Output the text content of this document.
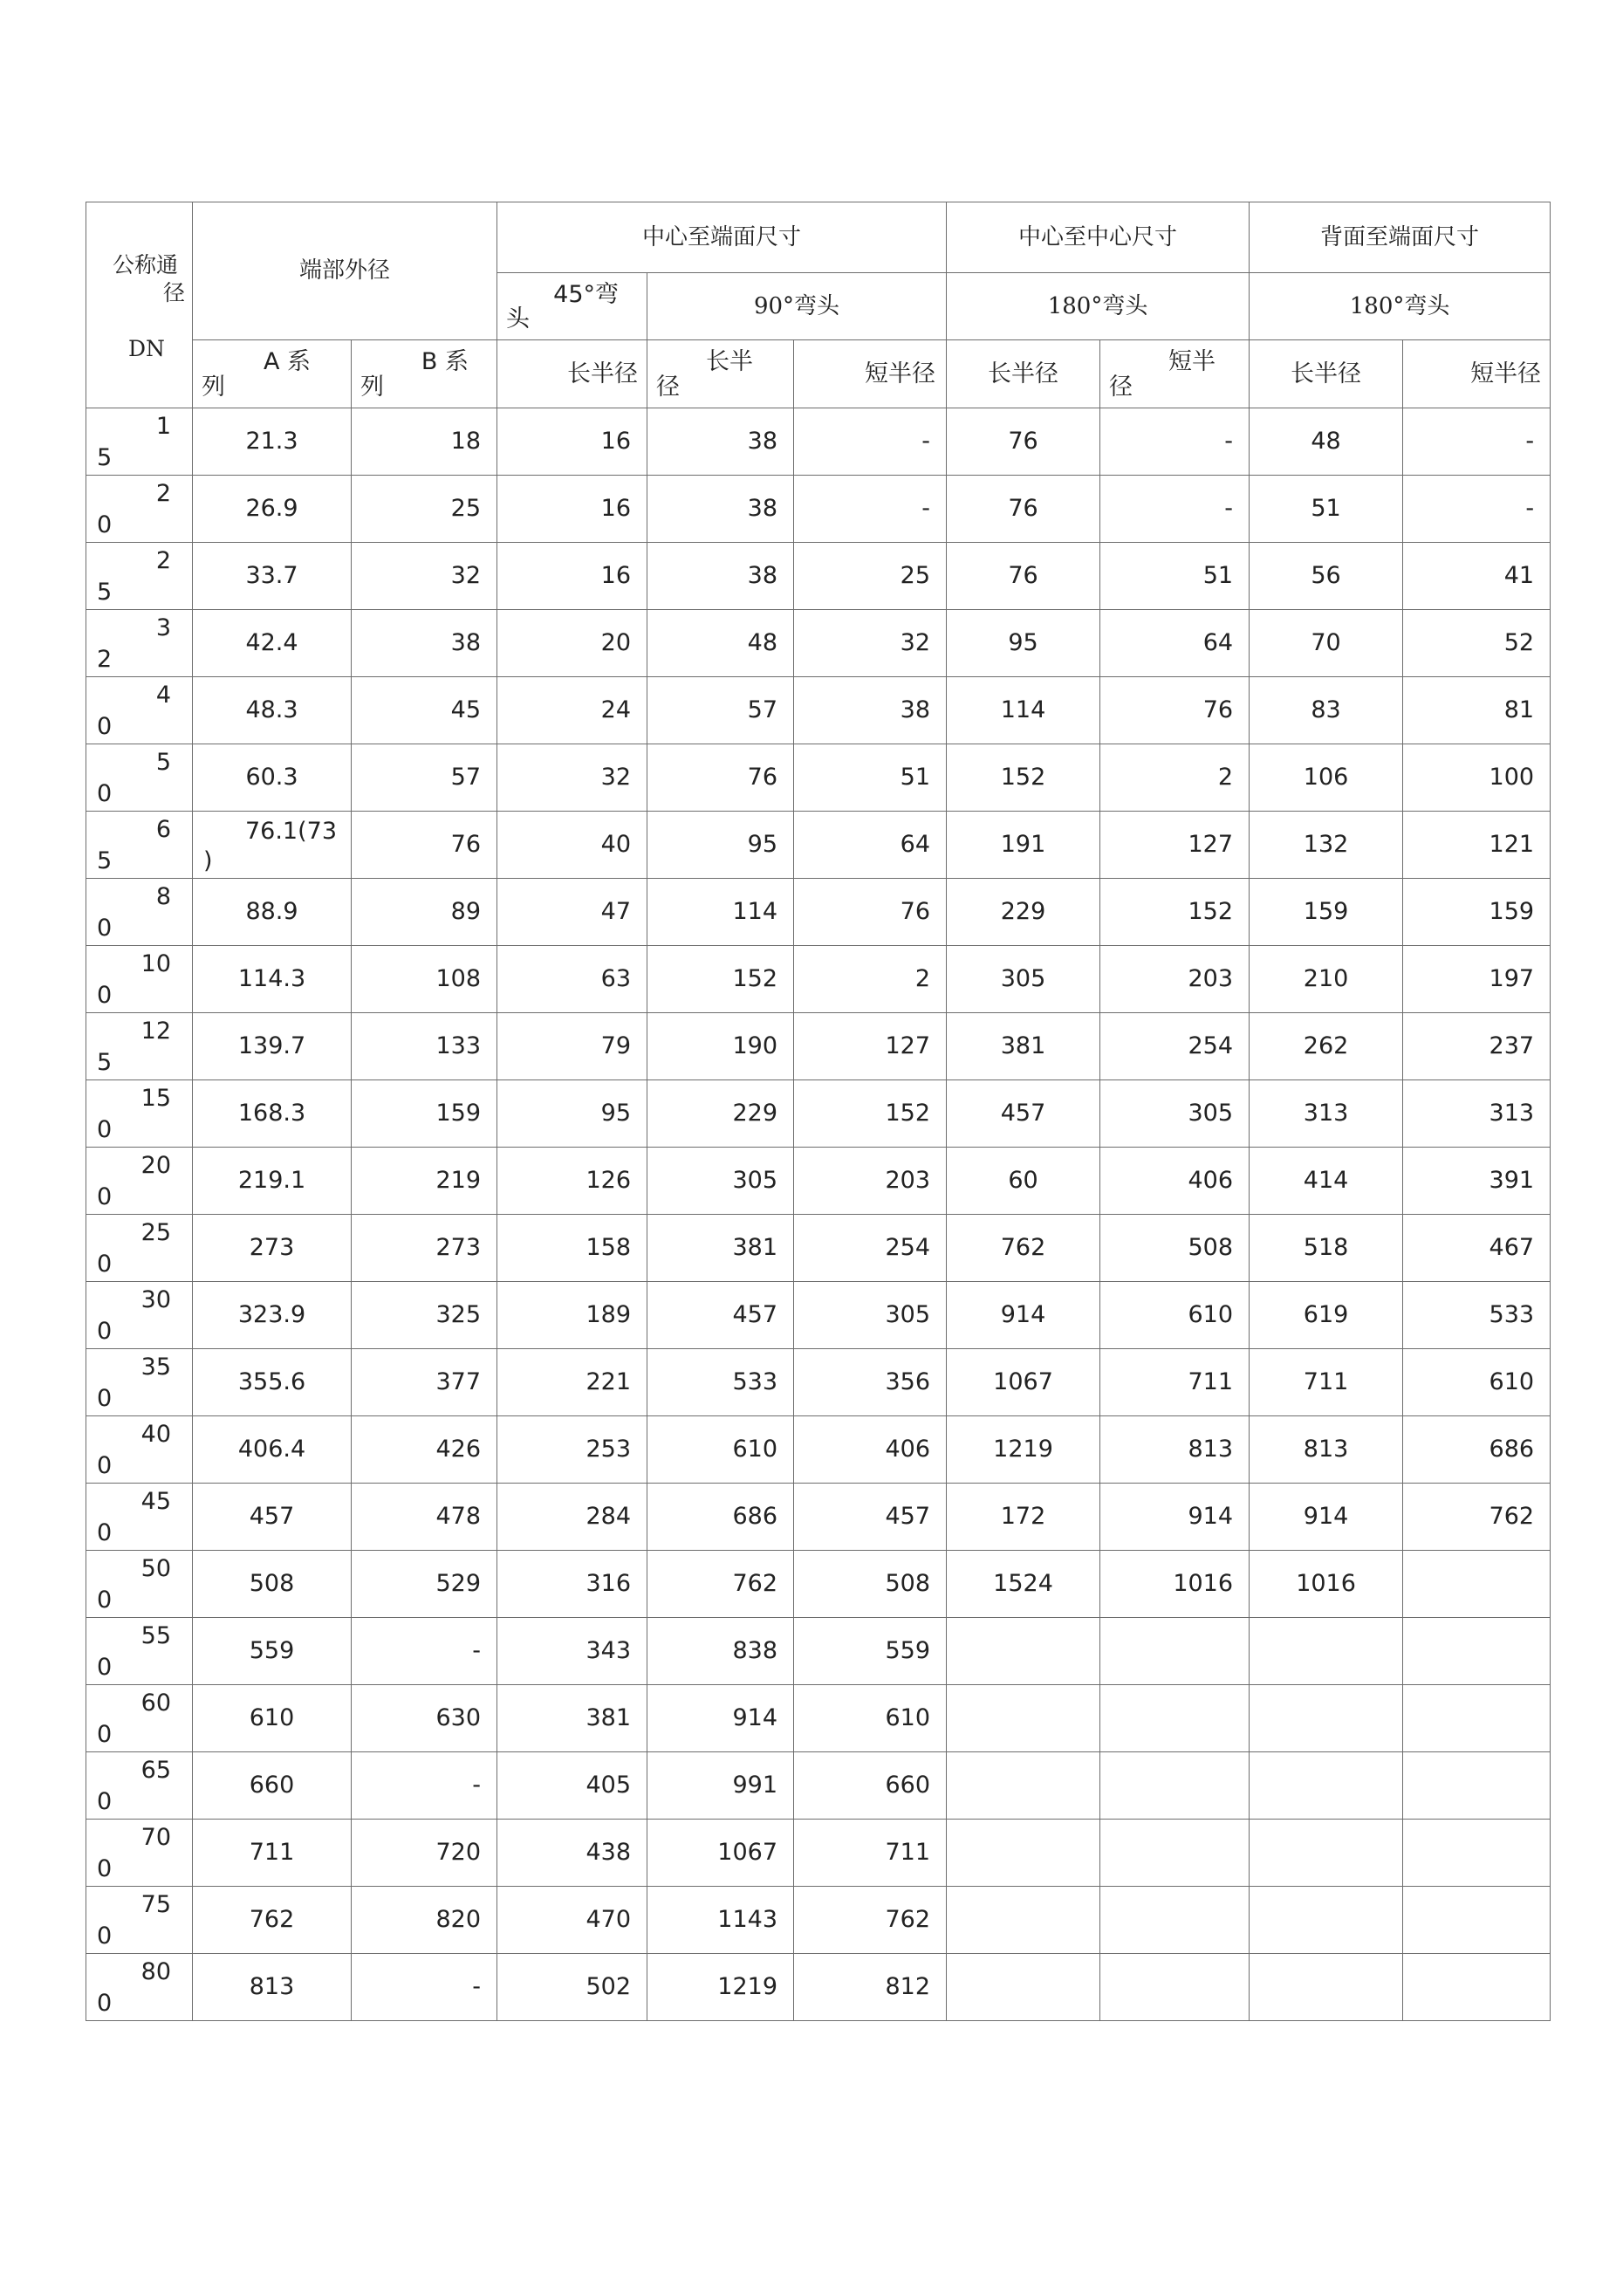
公称通
径
DN	端部外径		中心至端面尺寸			中心至中心尺寸		背面至端面尺寸	

			45°弯
头	90°弯头		180°弯头		180°弯头	

	A 系
列	B 系
列	长半径	长半
径	短半径	长半径	短半
径	长半径	短半径

1
5	21.3	18	16	38	-	76	-	48	-

2
0	26.9	25	16	38	-	76	-	51	-

2
5	33.7	32	16	38	25	76	51	56	41

3
2	42.4	38	20	48	32	95	64	70	52

4
0	48.3	45	24	57	38	114	76	83	81

5
0	60.3	57	32	76	51	152	2	106	100

6
5	76.1(73
)	76	40	95	64	191	127	132	121

8
0	88.9	89	47	114	76	229	152	159	159

10
0	114.3	108	63	152	2	305	203	210	197

12
5	139.7	133	79	190	127	381	254	262	237

15
0	168.3	159	95	229	152	457	305	313	313

20
0	219.1	219	126	305	203	60	406	414	391

25
0	273	273	158	381	254	762	508	518	467

30
0	323.9	325	189	457	305	914	610	619	533

35
0	355.6	377	221	533	356	1067	711	711	610

40
0	406.4	426	253	610	406	1219	813	813	686

45
0	457	478	284	686	457	172	914	914	762

50
0	508	529	316	762	508	1524	1016	1016	

55
0	559	-	343	838	559				

60
0	610	630	381	914	610				

65
0	660	-	405	991	660				

70
0	711	720	438	1067	711				

75
0	762	820	470	1143	762				

80
0	813	-	502	1219	812				
